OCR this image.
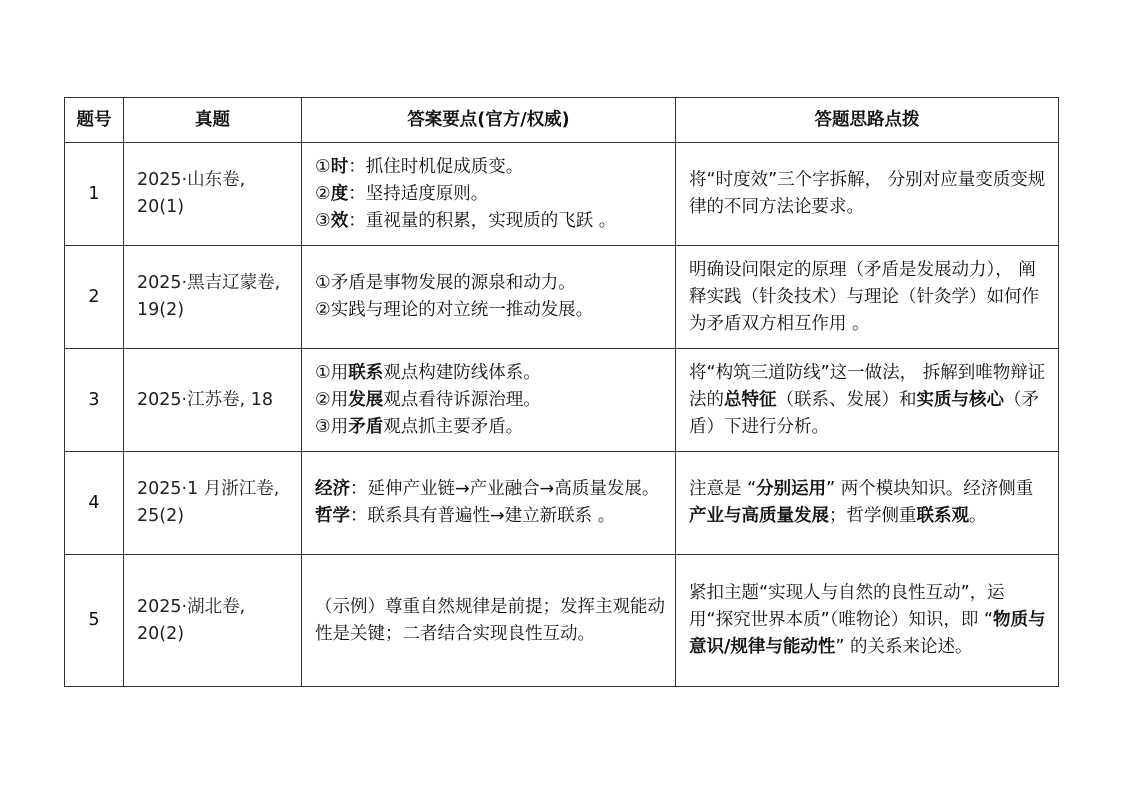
题号	真题	答案要点(官方/权威)	答题思路点拨
1	2025·山东卷, 20(1)	①时：抓住时机促成质变。
②度：坚持适度原则。
③效：重视量的积累，实现质的飞跃 。	将“时度效”三个字拆解， 分别对应量变质变规律的不同方法论要求。
2	2025·黑吉辽蒙卷, 19(2)	①矛盾是事物发展的源泉和动力。
②实践与理论的对立统一推动发展。	明确设问限定的原理（矛盾是发展动力）， 阐释实践（针灸技术）与理论（针灸学）如何作为矛盾双方相互作用 。
3	2025·江苏卷, 18	①用联系观点构建防线体系。
②用发展观点看待诉源治理。
③用矛盾观点抓主要矛盾。	将“构筑三道防线”这一做法， 拆解到唯物辩证法的总特征（联系、发展）和实质与核心（矛盾）下进行分析。
4	2025·1 月浙江卷, 25(2)	经济：延伸产业链→产业融合→高质量发展。
哲学：联系具有普遍性→建立新联系 。	注意是 “分别运用” 两个模块知识。经济侧重产业与高质量发展；哲学侧重联系观。
5	2025·湖北卷, 20(2)	（示例）尊重自然规律是前提；发挥主观能动性是关键；二者结合实现良性互动。	紧扣主题“实现人与自然的良性互动”，运用“探究世界本质”（唯物论）知识，即 “物质与意识/规律与能动性” 的关系来论述。
